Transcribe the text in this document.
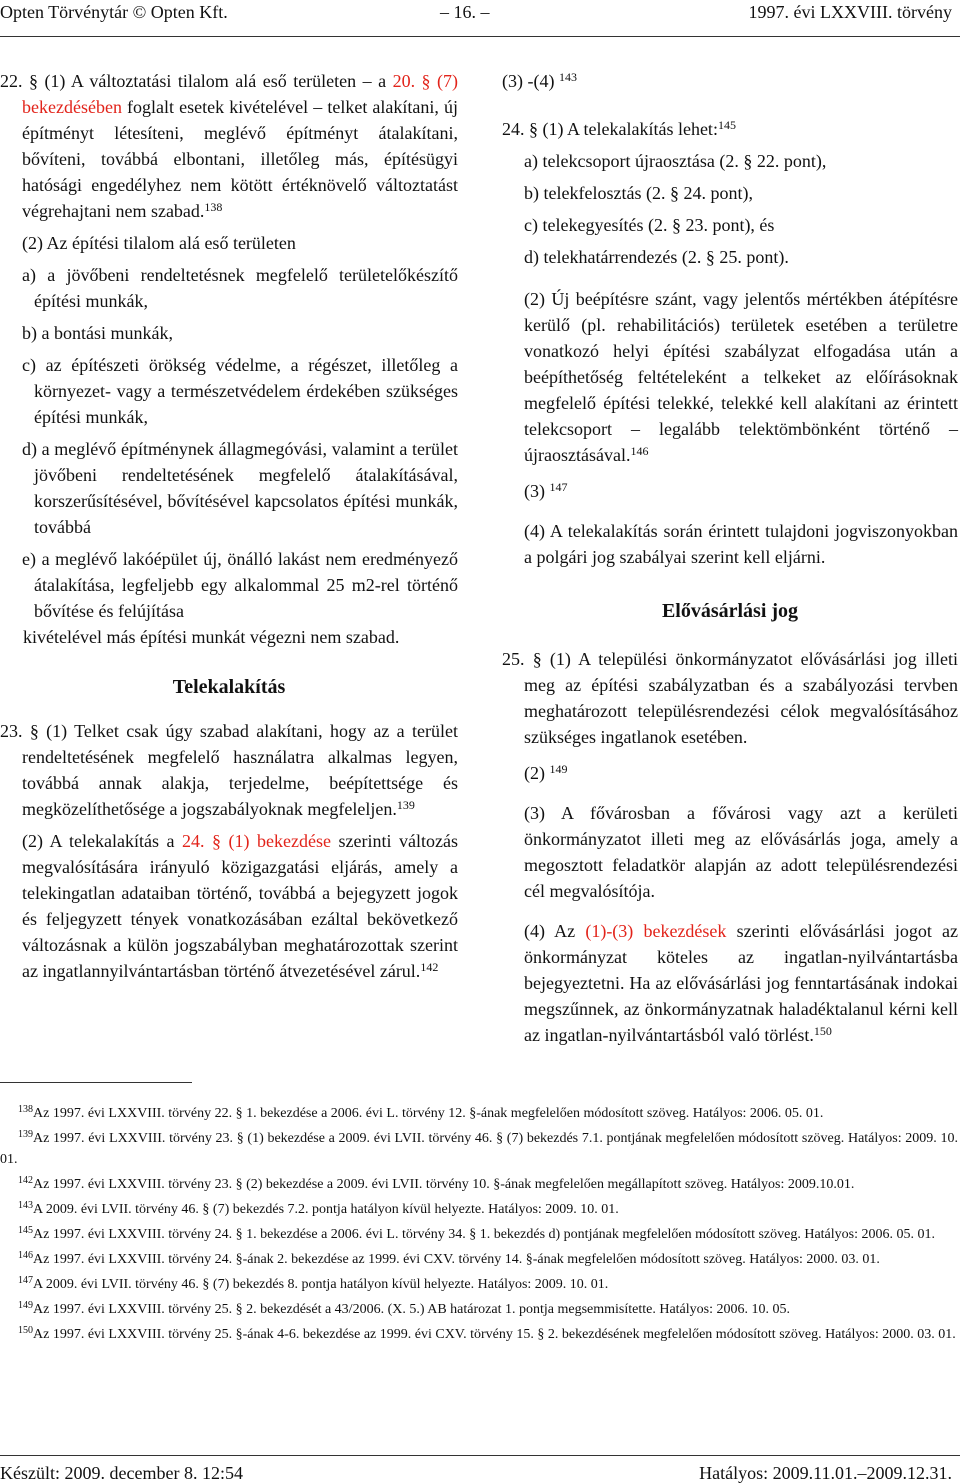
Opten Törvénytár © Opten Kft.	– 16. –	1997. évi LXXVIII. törvény

22. § (1) A változtatási tilalom alá eső területen – a 20. § (7) bekezdésében foglalt esetek kivételével – telket alakítani, új építményt létesíteni, meglévő építményt átalakítani, bővíteni, továbbá elbontani, illetőleg más, építésügyi hatósági engedélyhez nem kötött értéknövelő változtatást végrehajtani nem szabad.$^{138}$

(2) Az építési tilalom alá eső területen

a) a jövőbeni rendeltetésnek megfelelő területelőkészítő építési munkák,

b) a bontási munkák,

c) az építészeti örökség védelme, a régészet, illetőleg a környezet- vagy a természetvédelem érdekében szükséges építési munkák,

d) a meglévő építménynek állagmegóvási, valamint a terület jövőbeni rendeltetésének megfelelő átalakításával, korszerűsítésével, bővítésével kapcsolatos építési munkák, továbbá

e) a meglévő lakóépület új, önálló lakást nem eredményező átalakítása, legfeljebb egy alkalommal 25 m2-rel történő bővítése és felújítása

kivételével más építési munkát végezni nem szabad.

Telekalakítás

23. § (1) Telket csak úgy szabad alakítani, hogy az a terület rendeltetésének megfelelő használatra alkalmas legyen, továbbá annak alakja, terjedelme, beépítettsége és megközelíthetősége a jogszabályoknak megfeleljen.$^{139}$

(2) A telekalakítás a 24. § (1) bekezdése szerinti változás megvalósítására irányuló közigazgatási eljárás, amely a telekingatlan adataiban történő, továbbá a bejegyzett jogok és feljegyzett tények vonatkozásában ezáltal bekövetkező változásnak a külön jogszabályban meghatározottak szerint az ingatlannyilvántartásban történő átvezetésével zárul.$^{142}$

(3) -(4) $^{143}$

24. § (1) A telekalakítás lehet:$^{145}$

a) telekcsoport újraosztása (2. § 22. pont),

b) telekfelosztás (2. § 24. pont),

c) telekegyesítés (2. § 23. pont), és

d) telekhatárrendezés (2. § 25. pont).

(2) Új beépítésre szánt, vagy jelentős mértékben átépítésre kerülő (pl. rehabilitációs) területek esetében a területre vonatkozó helyi építési szabályzat elfogadása után a beépíthetőség feltételeként a telkeket az előírásoknak megfelelő építési telekké, telekké kell alakítani az érintett telekcsoport – legalább telektömbönként történő – újraosztásával.$^{146}$

(3) $^{147}$

(4) A telekalakítás során érintett tulajdoni jogviszonyokban a polgári jog szabályai szerint kell eljárni.

Elővásárlási jog

25. § (1) A települési önkormányzatot elővásárlási jog illeti meg az építési szabályzatban és a szabályozási tervben meghatározott településrendezési célok megvalósításához szükséges ingatlanok esetében.

(2) $^{149}$

(3) A fővárosban a fővárosi vagy azt a kerületi önkormányzatot illeti meg az elővásárlás joga, amely a megosztott feladatkör alapján az adott településrendezési cél megvalósítója.

(4) Az (1)-(3) bekezdések szerinti elővásárlási jogot az önkormányzat köteles az ingatlan-nyilvántartásba bejegyeztetni. Ha az elővásárlási jog fenntartásának indokai megszűnnek, az önkormányzatnak haladéktalanul kérni kell az ingatlan-nyilvántartásból való törlést.$^{150}$

$^{138}$Az 1997. évi LXXVIII. törvény 22. § 1. bekezdése a 2006. évi L. törvény 12. §-ának megfelelően módosított szöveg. Hatályos: 2006. 05. 01.

$^{139}$Az 1997. évi LXXVIII. törvény 23. § (1) bekezdése a 2009. évi LVII. törvény 46. § (7) bekezdés 7.1. pontjának megfelelően módosított szöveg. Hatályos: 2009. 10. 01.

$^{142}$Az 1997. évi LXXVIII. törvény 23. § (2) bekezdése a 2009. évi LVII. törvény 10. §-ának megfelelően megállapított szöveg. Hatályos: 2009.10.01.

$^{143}$A 2009. évi LVII. törvény 46. § (7) bekezdés 7.2. pontja hatályon kívül helyezte. Hatályos: 2009. 10. 01.

$^{145}$Az 1997. évi LXXVIII. törvény 24. § 1. bekezdése a 2006. évi L. törvény 34. § 1. bekezdés d) pontjának megfelelően módosított szöveg. Hatályos: 2006. 05. 01.

$^{146}$Az 1997. évi LXXVIII. törvény 24. §-ának 2. bekezdése az 1999. évi CXV. törvény 14. §-ának megfelelően módosított szöveg. Hatályos: 2000. 03. 01.

$^{147}$A 2009. évi LVII. törvény 46. § (7) bekezdés 8. pontja hatályon kívül helyezte. Hatályos: 2009. 10. 01.

$^{149}$Az 1997. évi LXXVIII. törvény 25. § 2. bekezdését a 43/2006. (X. 5.) AB határozat 1. pontja megsemmisítette. Hatályos: 2006. 10. 05.

$^{150}$Az 1997. évi LXXVIII. törvény 25. §-ának 4-6. bekezdése az 1999. évi CXV. törvény 15. § 2. bekezdésének megfelelően módosított szöveg. Hatályos: 2000. 03. 01.

Készült: 2009. december 8. 12:54	Hatályos: 2009.11.01.–2009.12.31.
